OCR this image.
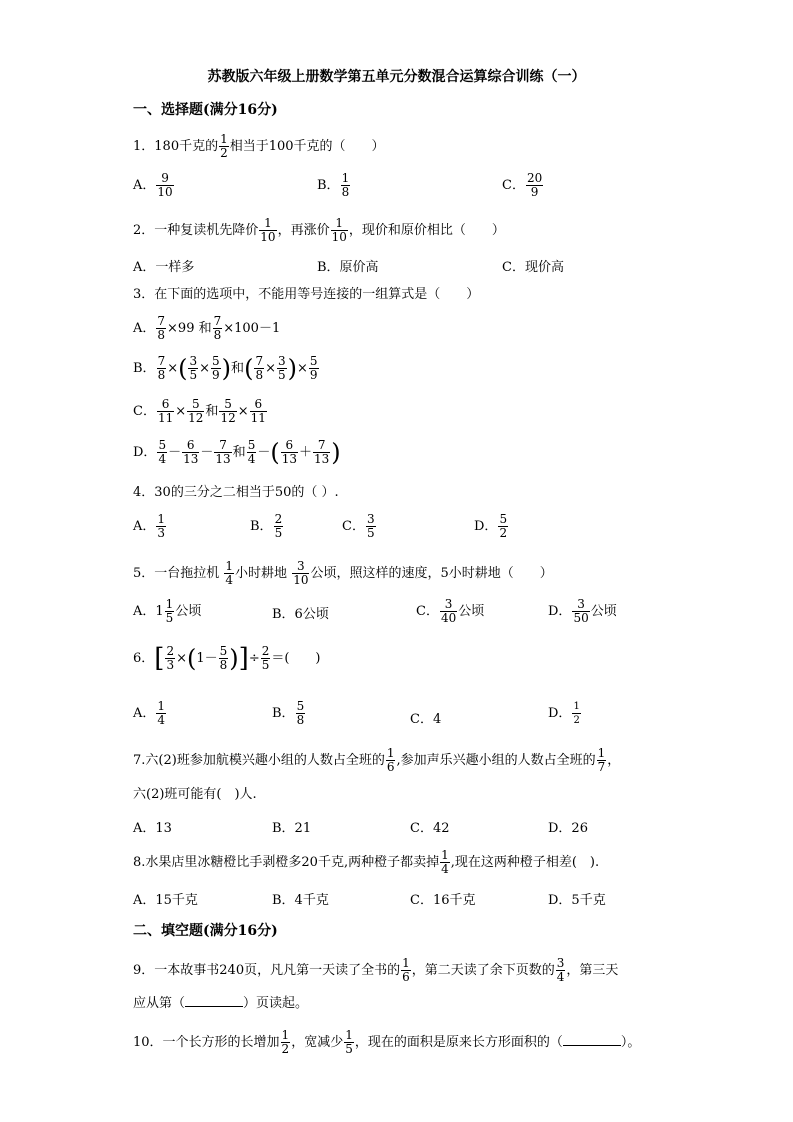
苏教版六年级上册数学第五单元分数混合运算综合训练（一）
一、选择题(满分16分)
1．180千克的 $\frac{1}{2}$ 相当于100千克的（　　）
A． $\frac{9}{10}$	B． $\frac{1}{8}$	C． $\frac{20}{9}$
2．一种复读机先降价 $\frac{1}{10}$ ，再涨价 $\frac{1}{10}$ ，现价和原价相比（　　）
A．一样多	B．原价高	C．现价高
3．在下面的选项中，不能用等号连接的一组算式是（　　）
A． $\frac{7}{8} \times 99$ 和 $\frac{7}{8} \times 100-1$
B． $\frac{7}{8}$ ×( $\frac{3}{5} \times \frac{5}{9}$ )和( $\frac{7}{8} \times \frac{3}{5}$ )× $\frac{5}{9}$
C． $\frac{6}{11} \times \frac{5}{12}$ 和 $\frac{5}{12} \times \frac{6}{11}$
D． $\frac{5}{4} - \frac{6}{13} - \frac{7}{13}$ 和 $\frac{5}{4}$ －( $\frac{6}{13} + \frac{7}{13}$ )
4．30的三分之二相当于50的（ ）.
A． $\frac{1}{3}$	B． $\frac{2}{5}$	C． $\frac{3}{5}$	D． $\frac{5}{2}$
5．一台拖拉机 $\frac{1}{4}$ 小时耕地 $\frac{3}{10}$ 公顷，照这样的速度，5小时耕地（　　）
A．$1 \frac{1}{5}$ 公顷	B．6公顷	C． $\frac{3}{40}$ 公顷	D． $\frac{3}{50}$ 公顷
6．[ $\frac{2}{3} \times(1- \frac{5}{8}$ )]÷ $\frac{2}{5}$ ＝(　　)
A． $\frac{1}{4}$	B． $\frac{5}{8}$	C．4	D． $\frac{1}{2}$
7.六(2)班参加航模兴趣小组的人数占全班的 $\frac{1}{6}$ ,参加声乐兴趣小组的人数占全班的 $\frac{1}{7}$ ，
六(2)班可能有(　)人.
A．13	B．21	C．42	D．26
8.水果店里冰糖橙比手剥橙多20千克,两种橙子都卖掉 $\frac{1}{4}$ ,现在这两种橙子相差(　).
A．15千克	B．4千克	C．16千克	D．5千克
二、填空题(满分16分)
9．一本故事书240页，凡凡第一天读了全书的 $\frac{1}{6}$ ，第二天读了余下页数的 $\frac{3}{4}$ ，第三天
应从第（	）页读起。
10．一个长方形的长增加 $\frac{1}{2}$ ，宽减少 $\frac{1}{5}$ ，现在的面积是原来长方形面积的（	）。
